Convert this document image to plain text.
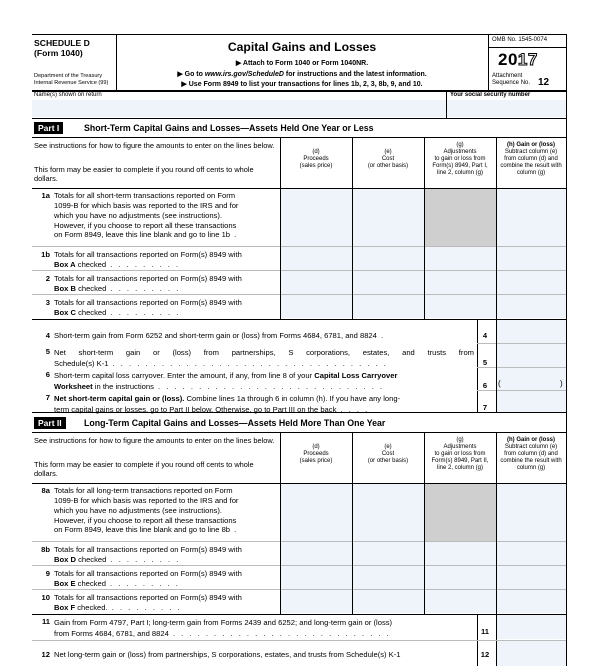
SCHEDULE D
(Form 1040)
Department of the Treasury
Internal Revenue Service (99)
Capital Gains and Losses
▶ Attach to Form 1040 or Form 1040NR.
▶ Go to www.irs.gov/ScheduleD for instructions and the latest information.
▶ Use Form 8949 to list your transactions for lines 1b, 2, 3, 8b, 9, and 10.
OMB No. 1545-0074
2017
Attachment
Sequence No. 12
Name(s) shown on return	Your social security number
Part I	Short-Term Capital Gains and Losses—Assets Held One Year or Less
See instructions for how to figure the amounts to enter on the lines below.
This form may be easier to complete if you round off cents to whole dollars.
(d)
Proceeds
(sales price)
(e)
Cost
(or other basis)
(g)
Adjustments
to gain or loss from
Form(s) 8949, Part I,
line 2, column (g)
(h) Gain or (loss)
Subtract column (e)
from column (d) and
combine the result with
column (g)
1a Totals for all short-term transactions reported on Form
1099-B for which basis was reported to the IRS and for
which you have no adjustments (see instructions).
However, if you choose to report all these transactions
on Form 8949, leave this line blank and go to line 1b .
1b Totals for all transactions reported on Form(s) 8949 with
Box A checked . . . . . . . . .
2 Totals for all transactions reported on Form(s) 8949 with
Box B checked . . . . . . . . .
3 Totals for all transactions reported on Form(s) 8949 with
Box C checked . . . . . . . . .
4 Short-term gain from Form 6252 and short-term gain or (loss) from Forms 4684, 6781, and 8824 .	4
5 Net short-term gain or (loss) from partnerships, S corporations, estates, and trusts from
Schedule(s) K-1 . . . . . . . . . . . . . . . . . . . . . . . . . . . . . . . . . .	5
6 Short-term capital loss carryover. Enter the amount, if any, from line 8 of your Capital Loss Carryover
Worksheet in the instructions . . . . . . . . . . . . . . . . . . . . . . . . . . . .	6	(	)
7 Net short-term capital gain or (loss). Combine lines 1a through 6 in column (h). If you have any long-
term capital gains or losses, go to Part II below. Otherwise, go to Part III on the back . . . .	7
Part II	Long-Term Capital Gains and Losses—Assets Held More Than One Year
See instructions for how to figure the amounts to enter on the lines below.
This form may be easier to complete if you round off cents to whole dollars.
(d)
Proceeds
(sales price)
(e)
Cost
(or other basis)
(g)
Adjustments
to gain or loss from
Form(s) 8949, Part II,
line 2, column (g)
(h) Gain or (loss)
Subtract column (e)
from column (d) and
combine the result with
column (g)
8a Totals for all long-term transactions reported on Form
1099-B for which basis was reported to the IRS and for
which you have no adjustments (see instructions).
However, if you choose to report all these transactions
on Form 8949, leave this line blank and go to line 8b .
8b Totals for all transactions reported on Form(s) 8949 with
Box D checked . . . . . . . . .
9 Totals for all transactions reported on Form(s) 8949 with
Box E checked . . . . . . . . .
10 Totals for all transactions reported on Form(s) 8949 with
Box F checked. . . . . . . . . .
11 Gain from Form 4797, Part I; long-term gain from Forms 2439 and 6252; and long-term gain or (loss)
from Forms 4684, 6781, and 8824 . . . . . . . . . . . . . . . . . . . . . . . . . . .	11
12 Net long-term gain or (loss) from partnerships, S corporations, estates, and trusts from Schedule(s) K-1	12
